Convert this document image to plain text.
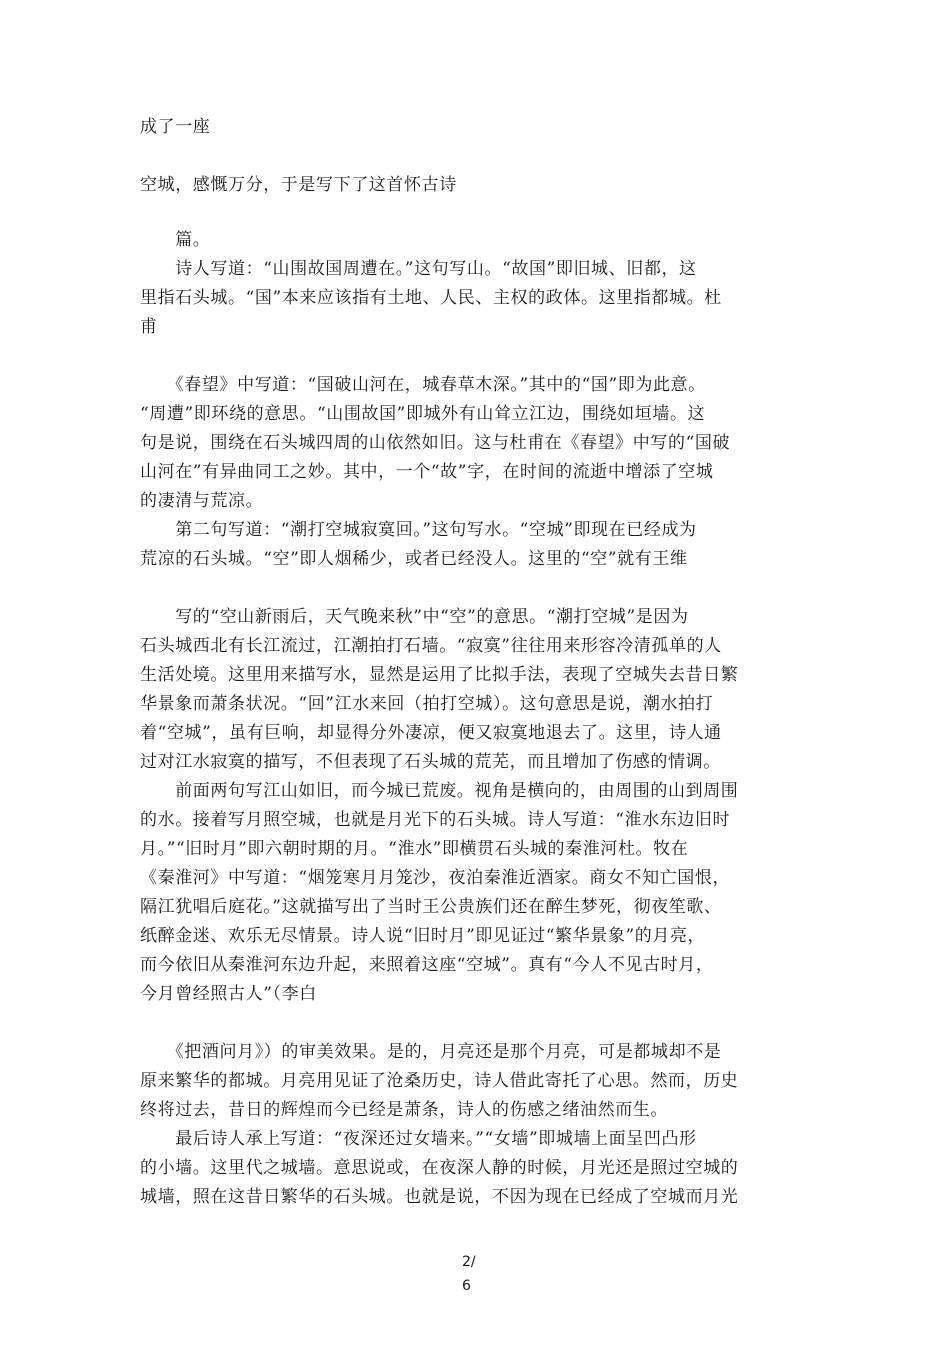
成了一座
空城，感慨万分，于是写下了这首怀古诗
　　篇。
　　诗人写道：“山围故国周遭在。”这句写山。“故国”即旧城、旧都，这
里指石头城。“国”本来应该指有土地、人民、主权的政体。这里指都城。杜
甫
　　《春望》中写道：“国破山河在，城春草木深。”其中的“国”即为此意。
“周遭”即环绕的意思。“山围故国”即城外有山耸立江边，围绕如垣墙。这
句是说，围绕在石头城四周的山依然如旧。这与杜甫在《春望》中写的“国破
山河在”有异曲同工之妙。其中，一个“故”字，在时间的流逝中增添了空城
的凄清与荒凉。
　　第二句写道：“潮打空城寂寞回。”这句写水。“空城”即现在已经成为
荒凉的石头城。“空”即人烟稀少，或者已经没人。这里的“空”就有王维
　　写的“空山新雨后，天气晚来秋”中“空”的意思。“潮打空城”是因为
石头城西北有长江流过，江潮拍打石墙。“寂寞”往往用来形容冷清孤单的人
生活处境。这里用来描写水，显然是运用了比拟手法，表现了空城失去昔日繁
华景象而萧条状况。“回”江水来回（拍打空城）。这句意思是说，潮水拍打
着“空城”，虽有巨响，却显得分外凄凉，便又寂寞地退去了。这里，诗人通
过对江水寂寞的描写，不但表现了石头城的荒芜，而且增加了伤感的情调。
　　前面两句写江山如旧，而今城已荒废。视角是横向的，由周围的山到周围
的水。接着写月照空城，也就是月光下的石头城。诗人写道：“淮水东边旧时
月。”“旧时月”即六朝时期的月。“淮水”即横贯石头城的秦淮河杜。牧在
《秦淮河》中写道：“烟笼寒月月笼沙，夜泊秦淮近酒家。商女不知亡国恨，
隔江犹唱后庭花。”这就描写出了当时王公贵族们还在醉生梦死，彻夜笙歌、
纸醉金迷、欢乐无尽情景。诗人说“旧时月”即见证过“繁华景象”的月亮，
而今依旧从秦淮河东边升起，来照着这座“空城”。真有“今人不见古时月，
今月曾经照古人”（李白
　　《把酒问月》）的审美效果。是的，月亮还是那个月亮，可是都城却不是
原来繁华的都城。月亮用见证了沧桑历史，诗人借此寄托了心思。然而，历史
终将过去，昔日的辉煌而今已经是萧条，诗人的伤感之绪油然而生。
　　最后诗人承上写道：“夜深还过女墙来。”“女墙”即城墙上面呈凹凸形
的小墙。这里代之城墙。意思说或，在夜深人静的时候，月光还是照过空城的
城墙，照在这昔日繁华的石头城。也就是说，不因为现在已经成了空城而月光
2/
6
